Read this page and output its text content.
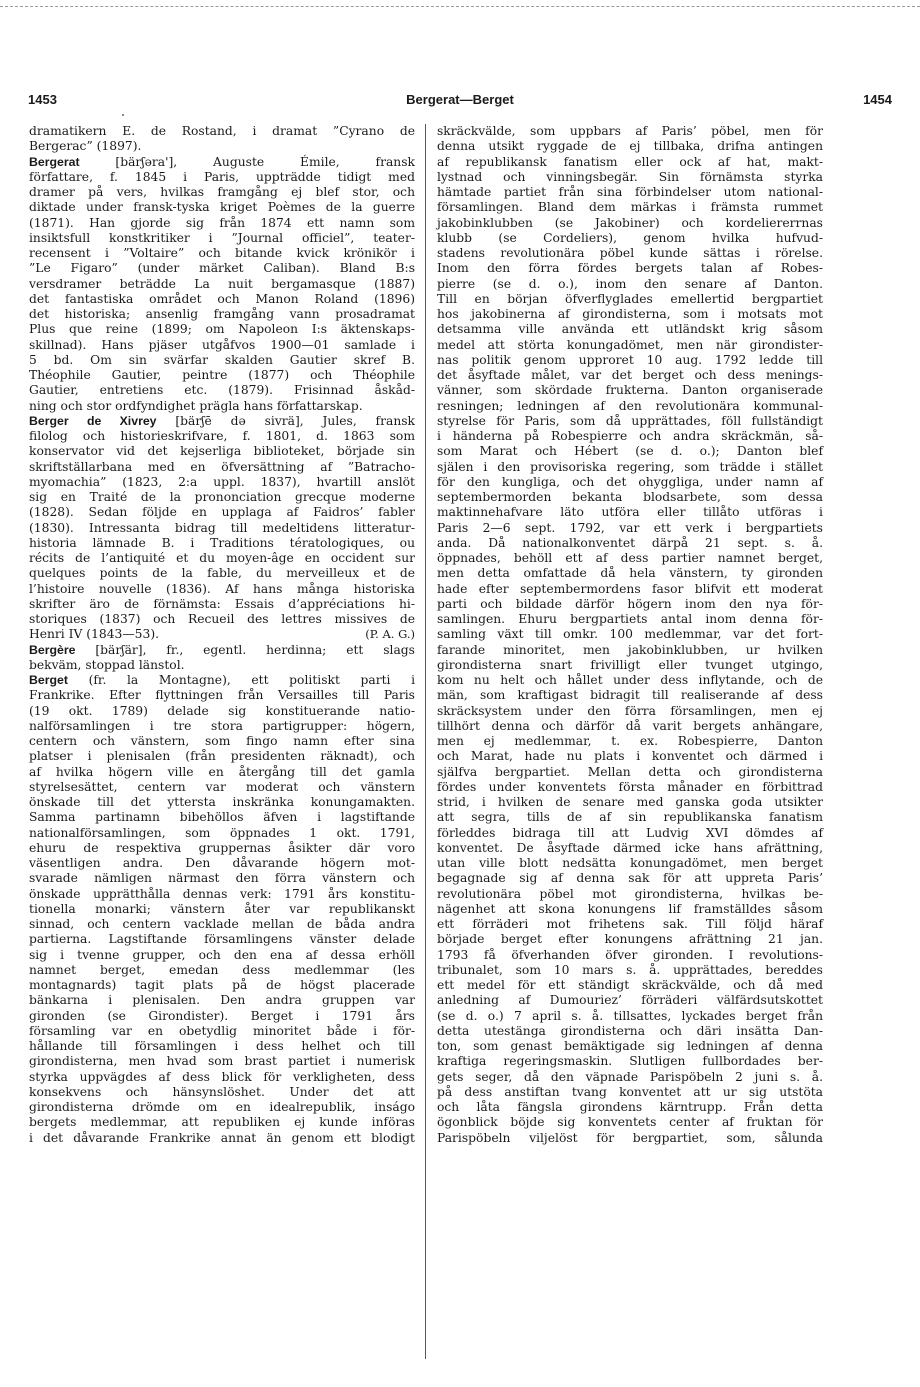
1453	Bergerat—Berget	1454
dramatikern E. de Rostand, i dramat ”Cyrano de
Bergerac” (1897).
Bergerat [bärʃəra'], Auguste Émile, fransk
författare, f. 1845 i Paris, uppträdde tidigt med
dramer på vers, hvilkas framgång ej blef stor, och
diktade under fransk-tyska kriget Poèmes de la guerre
(1871). Han gjorde sig från 1874 ett namn som
insiktsfull konstkritiker i ”Journal officiel”, teater-
recensent i ”Voltaire” och bitande kvick krönikör i
”Le Figaro” (under märket Caliban). Bland B:s
versdramer beträdde La nuit bergamasque (1887)
det fantastiska området och Manon Roland (1896)
det historiska; ansenlig framgång vann prosadramat
Plus que reine (1899; om Napoleon I:s äktenskaps-
skillnad). Hans pjäser utgåfvos 1900—01 samlade i
5 bd. Om sin svärfar skalden Gautier skref B.
Théophile Gautier, peintre (1877) och Théophile
Gautier, entretiens etc. (1879). Frisinnad åskåd-
ning och stor ordfyndighet prägla hans författarskap.
Berger de Xivrey [bärʃē də sivrä], Jules, fransk
filolog och historieskrifvare, f. 1801, d. 1863 som
konservator vid det kejserliga biblioteket, började sin
skriftställarbana med en öfversättning af ”Batracho-
myomachia” (1823, 2:a uppl. 1837), hvartill anslöt
sig en Traité de la prononciation grecque moderne
(1828). Sedan följde en upplaga af Faidros’ fabler
(1830). Intressanta bidrag till medeltidens litteratur-
historia lämnade B. i Traditions tératologiques, ou
récits de l’antiquité et du moyen-âge en occident sur
quelques points de la fable, du merveilleux et de
l’histoire nouvelle (1836). Af hans många historiska
skrifter äro de förnämsta: Essais d’appréciations hi-
storiques (1837) och Recueil des lettres missives de
Henri IV (1843—53).	(P. A. G.)
Bergère [bärʃär], fr., egentl. herdinna; ett slags
bekväm, stoppad länstol.
Berget (fr. la Montagne), ett politiskt parti i
Frankrike. Efter flyttningen från Versailles till Paris
(19 okt. 1789) delade sig konstituerande natio-
nalförsamlingen i tre stora partigrupper: högern,
centern och vänstern, som fingo namn efter sina
platser i plenisalen (från presidenten räknadt), och
af hvilka högern ville en återgång till det gamla
styrelsesättet, centern var moderat och vänstern
önskade till det yttersta inskränka konungamakten.
Samma partinamn bibehöllos äfven i lagstiftande
nationalförsamlingen, som öppnades 1 okt. 1791,
ehuru de respektiva gruppernas åsikter där voro
väsentligen andra. Den dåvarande högern mot-
svarade nämligen närmast den förra vänstern och
önskade upprätthålla dennas verk: 1791 års konstitu-
tionella monarki; vänstern åter var republikanskt
sinnad, och centern vacklade mellan de båda andra
partierna. Lagstiftande församlingens vänster delade
sig i tvenne grupper, och den ena af dessa erhöll
namnet berget, emedan dess medlemmar (les
montagnards) tagit plats på de högst placerade
bänkarna i plenisalen. Den andra gruppen var
gironden (se Girondister). Berget i 1791 års
församling var en obetydlig minoritet både i för-
hållande till församlingen i dess helhet och till
girondisterna, men hvad som brast partiet i numerisk
styrka uppvägdes af dess blick för verkligheten, dess
konsekvens och hänsynslöshet. Under det att
girondisterna drömde om en idealrepublik, inságo
bergets medlemmar, att republiken ej kunde införas
i det dåvarande Frankrike annat än genom ett blodigt
skräckvälde, som uppbars af Paris’ pöbel, men för
denna utsikt ryggade de ej tillbaka, drifna antingen
af republikansk fanatism eller ock af hat, makt-
lystnad och vinningsbegär. Sin förnämsta styrka
hämtade partiet från sina förbindelser utom national-
församlingen. Bland dem märkas i främsta rummet
jakobinklubben (se Jakobiner) och kordeliererrnas
klubb (se Cordeliers), genom hvilka hufvud-
stadens revolutionära pöbel kunde sättas i rörelse.
Inom den förra fördes bergets talan af Robes-
pierre (se d. o.), inom den senare af Danton.
Till en början öfverflyglades emellertid bergpartiet
hos jakobinerna af girondisterna, som i motsats mot
detsamma ville använda ett utländskt krig såsom
medel att störta konungadömet, men när girondister-
nas politik genom upproret 10 aug. 1792 ledde till
det åsyftade målet, var det berget och dess menings-
vänner, som skördade frukterna. Danton organiserade
resningen; ledningen af den revolutionära kommunal-
styrelse för Paris, som då upprättades, föll fullständigt
i händerna på Robespierre och andra skräckmän, så-
som Marat och Hébert (se d. o.); Danton blef
själen i den provisoriska regering, som trädde i stället
för den kungliga, och det ohyggliga, under namn af
septembermorden bekanta blodsarbete, som dessa
maktinnehafvare läto utföra eller tillåto utföras i
Paris 2—6 sept. 1792, var ett verk i bergpartiets
anda. Då nationalkonventet därpå 21 sept. s. å.
öppnades, behöll ett af dess partier namnet berget,
men detta omfattade då hela vänstern, ty gironden
hade efter septembermordens fasor blifvit ett moderat
parti och bildade därför högern inom den nya för-
samlingen. Ehuru bergpartiets antal inom denna för-
samling växt till omkr. 100 medlemmar, var det fort-
farande minoritet, men jakobinklubben, ur hvilken
girondisterna snart frivilligt eller tvunget utgingo,
kom nu helt och hållet under dess inflytande, och de
män, som kraftigast bidragit till realiserande af dess
skräcksystem under den förra församlingen, men ej
tillhört denna och därför då varit bergets anhängare,
men ej medlemmar, t. ex. Robespierre, Danton
och Marat, hade nu plats i konventet och därmed i
själfva bergpartiet. Mellan detta och girondisterna
fördes under konventets första månader en förbittrad
strid, i hvilken de senare med ganska goda utsikter
att segra, tills de af sin republikanska fanatism
förleddes bidraga till att Ludvig XVI dömdes af
konventet. De åsyftade därmed icke hans afrättning,
utan ville blott nedsätta konungadömet, men berget
begagnade sig af denna sak för att uppreta Paris’
revolutionära pöbel mot girondisterna, hvilkas be-
nägenhet att skona konungens lif framställdes såsom
ett förräderi mot frihetens sak. Till följd häraf
började berget efter konungens afrättning 21 jan.
1793 få öfverhanden öfver gironden. I revolutions-
tribunalet, som 10 mars s. å. upprättades, bereddes
ett medel för ett ständigt skräckvälde, och då med
anledning af Dumouriez’ förräderi välfärdsutskottet
(se d. o.) 7 april s. å. tillsattes, lyckades berget från
detta utestänga girondisterna och däri insätta Dan-
ton, som genast bemäktigade sig ledningen af denna
kraftiga regeringsmaskin. Slutligen fullbordades ber-
gets seger, då den väpnade Parispöbeln 2 juni s. å.
på dess anstiftan tvang konventet att ur sig utstöta
och låta fängsla girondens kärntrupp. Från detta
ögonblick böjde sig konventets center af fruktan för
Parispöbeln viljelöst för bergpartiet, som, sålunda
